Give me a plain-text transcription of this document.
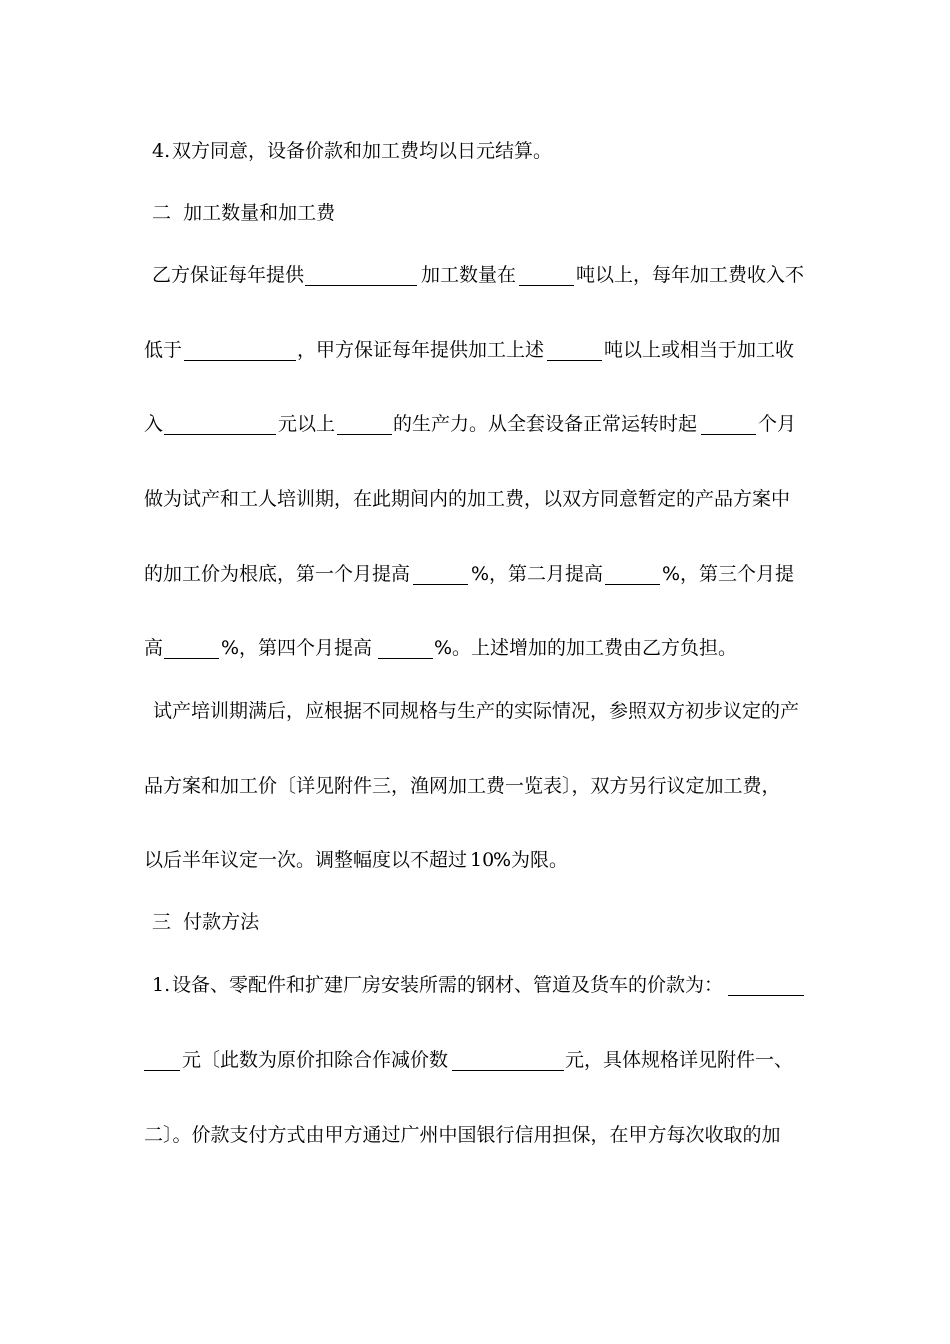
4. 双方同意，设备价款和加工费均以日元结算。
二  加工数量和加工费
乙方保证每年提供	加工数量在	吨以上，每年加工费收入不
低于	，甲方保证每年提供加工上述	吨以上或相当于加工收
入	元以上	的生产力。从全套设备正常运转时起	个月
做为试产和工人培训期，在此期间内的加工费，以双方同意暂定的产品方案中
的加工价为根底，第一个月提高	%，第二月提高	%，第三个月提
高	%，第四个月提高	%。上述增加的加工费由乙方负担。
试产培训期满后，应根据不同规格与生产的实际情况，参照双方初步议定的产
品方案和加工价〔详见附件三，渔网加工费一览表〕，双方另行议定加工费，
以后半年议定一次。调整幅度以不超过 10
%为限。
三  付款方法
1. 设备、零配件和扩建厂房安装所需的钢材、管道及货车的价款为：
元〔此数为原价扣除合作减价数	元，具体规格详见附件一、
二〕。价款支付方式由甲方通过广州中国银行信用担保，在甲方每次收取的加
